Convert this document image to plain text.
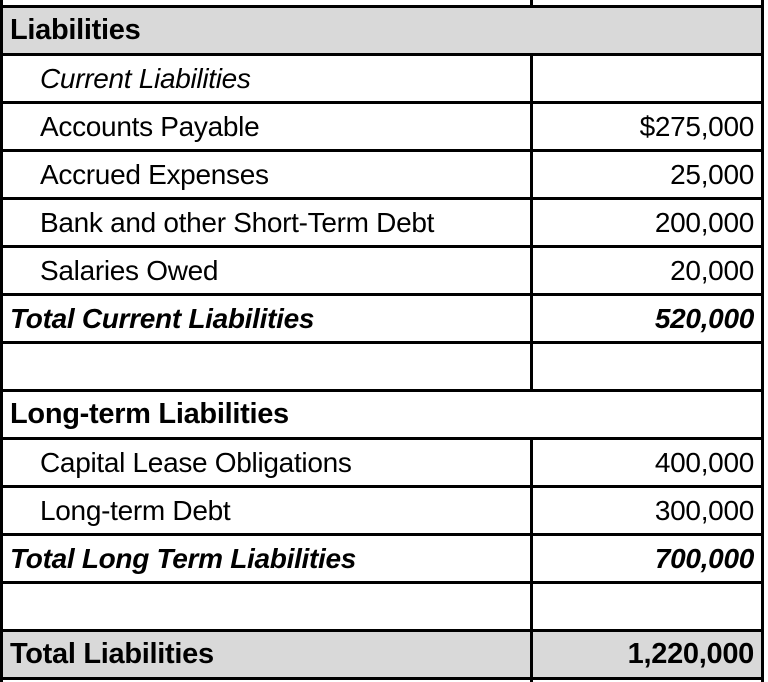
Liabilities	
Current Liabilities	
Accounts Payable	$275,000
Accrued Expenses	25,000
Bank and other Short-Term Debt	200,000
Salaries Owed	20,000
Total Current Liabilities	520,000

Long-term Liabilities	
Capital Lease Obligations	400,000
Long-term Debt	300,000
Total Long Term Liabilities	700,000

Total Liabilities	1,220,000
